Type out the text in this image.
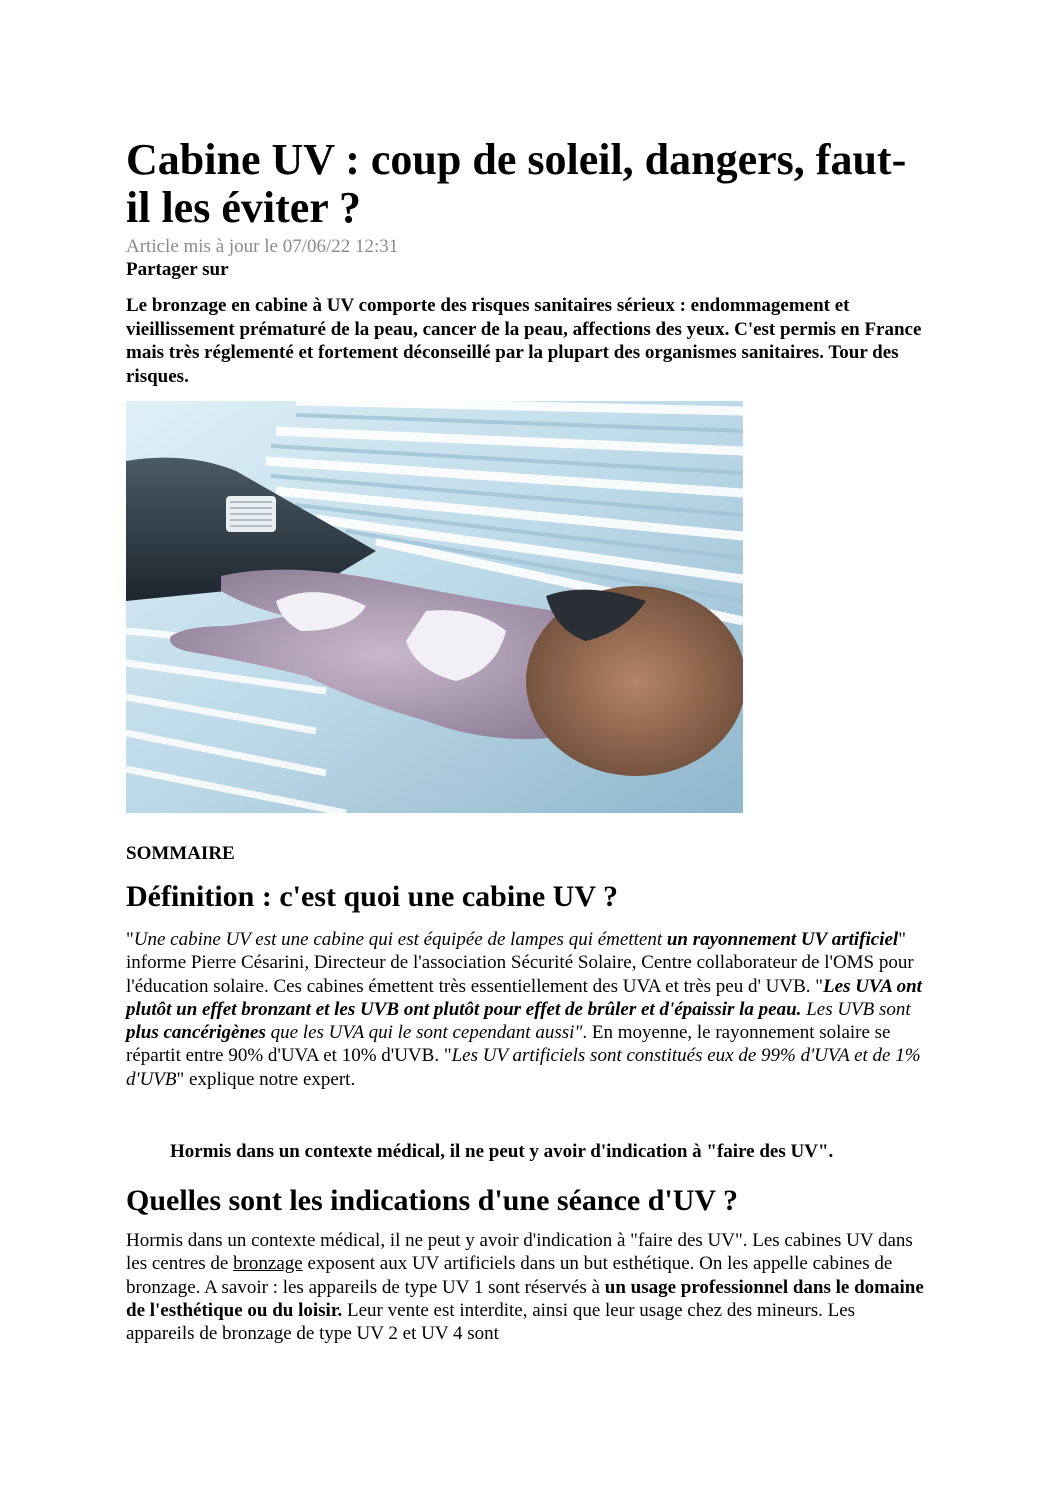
Cabine UV : coup de soleil, dangers, faut-il les éviter ?
Article mis à jour le 07/06/22 12:31
Partager sur

Le bronzage en cabine à UV comporte des risques sanitaires sérieux : endommagement et vieillissement prématuré de la peau, cancer de la peau, affections des yeux. C'est permis en France mais très réglementé et fortement déconseillé par la plupart des organismes sanitaires. Tour des risques.

SOMMAIRE
Définition : c'est quoi une cabine UV ?

"Une cabine UV est une cabine qui est équipée de lampes qui émettent un rayonnement UV artificiel" informe Pierre Césarini, Directeur de l'association Sécurité Solaire, Centre collaborateur de l'OMS pour l'éducation solaire. Ces cabines émettent très essentiellement des UVA et très peu d' UVB. "Les UVA ont plutôt un effet bronzant et les UVB ont plutôt pour effet de brûler et d'épaissir la peau. Les UVB sont plus cancérigènes que les UVA qui le sont cependant aussi". En moyenne, le rayonnement solaire se répartit entre 90% d'UVA et 10% d'UVB. "Les UV artificiels sont constitués eux de 99% d'UVA et de 1% d'UVB" explique notre expert.

Hormis dans un contexte médical, il ne peut y avoir d'indication à "faire des UV".

Quelles sont les indications d'une séance d'UV ?

Hormis dans un contexte médical, il ne peut y avoir d'indication à "faire des UV". Les cabines UV dans les centres de bronzage exposent aux UV artificiels dans un but esthétique. On les appelle cabines de bronzage. A savoir : les appareils de type UV 1 sont réservés à un usage professionnel dans le domaine de l'esthétique ou du loisir. Leur vente est interdite, ainsi que leur usage chez des mineurs. Les appareils de bronzage de type UV 2 et UV 4 sont
